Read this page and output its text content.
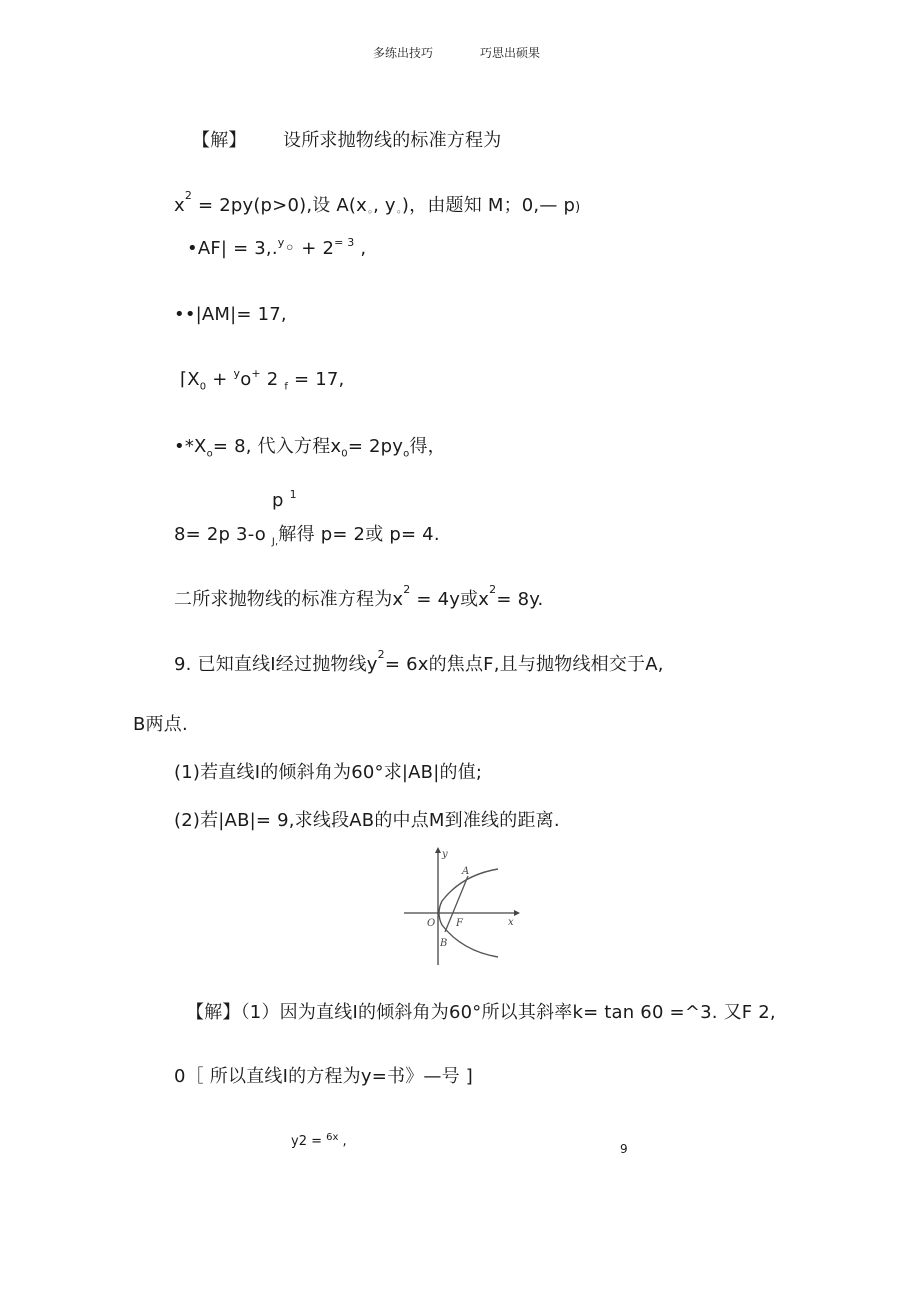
多练出技巧	巧思出硕果
【解】 设所求抛物线的标准方程为
$x^2 = 2py(p>0)$,设 $A(x_◦$, $y_◦$)，由题知 M；0,— p)
•AF| = 3,.$^y$◦ + $2^{= 3}$ ,
••|AM|= 17,
$⌈X_0 + ^yo^+$ 2 $_f$ = 17,
$•*X_o= 8$, 代入方程$x_0= 2py_o$得，
p $^1$
8= 2p 3-o $_{J,}$解得 p= 2或 p= 4.
二所求抛物线的标准方程为$x^2 = 4y$或$x^2= 8y$.
9. 已知直线I经过抛物线$y^2= 6x$的焦点F,且与抛物线相交于A,
B两点.
(1)若直线I的倾斜角为60°求|AB|的值;
(2)若|AB|= 9,求线段AB的中点M到准线的距离.
y
x
O
A
F
B
【解】（1）因为直线I的倾斜角为60°所以其斜率k= tan 60 =^3. 又F 2,
0［ 所以直线I的方程为y=书》—号 ]
y2 = $^{6x}$ ,	9
